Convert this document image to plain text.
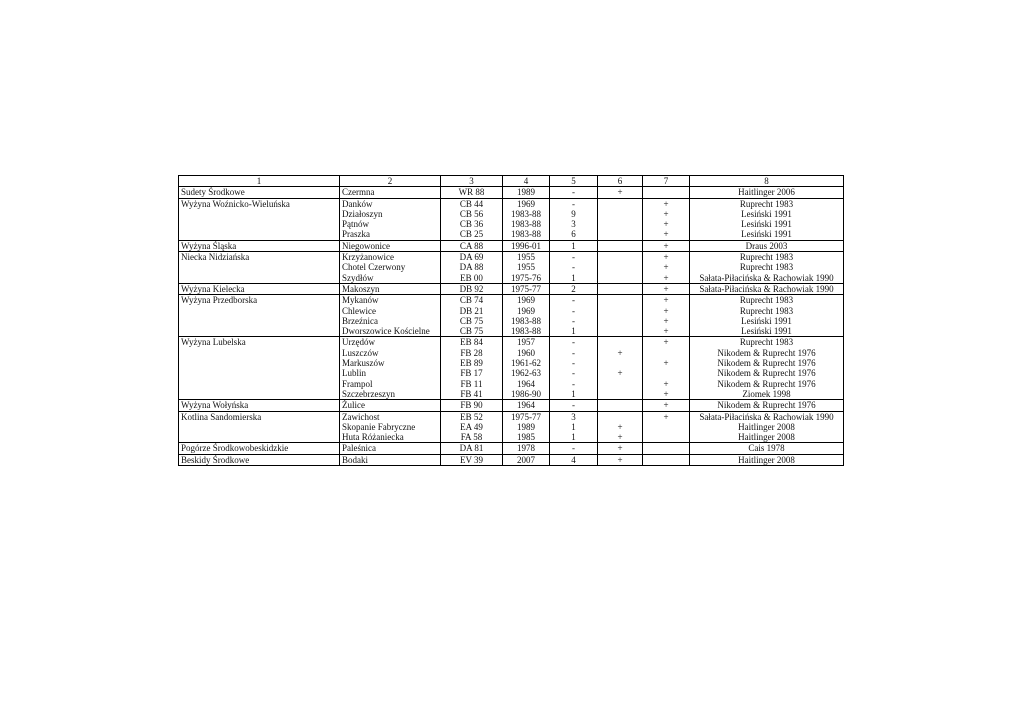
1	2	3	4	5	6	7	8
Sudety Środkowe	Czermna	WR 88	1989	-	+		Haitlinger 2006
Wyżyna Woźnicko-Wieluńska	Danków	CB 44	1969	-		+	Ruprecht 1983
	Działoszyn	CB 56	1983-88	9		+	Lesiński 1991
	Pątnów	CB 36	1983-88	3		+	Lesiński 1991
	Praszka	CB 25	1983-88	6		+	Lesiński 1991
Wyżyna Śląska	Niegowonice	CA 88	1996-01	1		+	Draus 2003
Niecka Nidziańska	Krzyżanowice	DA 69	1955	-		+	Ruprecht 1983
	Chotel Czerwony	DA 88	1955	-		+	Ruprecht 1983
	Szydłów	EB 00	1975-76	1		+	Sałata-Piłacińska & Rachowiak 1990
Wyżyna Kielecka	Makoszyn	DB 92	1975-77	2		+	Sałata-Piłacińska & Rachowiak 1990
Wyżyna Przedborska	Mykanów	CB 74	1969	-		+	Ruprecht 1983
	Chlewice	DB 21	1969	-		+	Ruprecht 1983
	Brzeźnica	CB 75	1983-88	-		+	Lesiński 1991
	Dworszowice Kościelne	CB 75	1983-88	1		+	Lesiński 1991
Wyżyna Lubelska	Urzędów	EB 84	1957	-		+	Ruprecht 1983
	Luszczów	FB 28	1960	-	+		Nikodem & Ruprecht 1976
	Markuszów	EB 89	1961-62	-		+	Nikodem & Ruprecht 1976
	Lublin	FB 17	1962-63	-	+		Nikodem & Ruprecht 1976
	Frampol	FB 11	1964	-		+	Nikodem & Ruprecht 1976
	Szczebrzeszyn	FB 41	1986-90	1		+	Ziomek 1998
Wyżyna Wołyńska	Żulice	FB 90	1964	-		+	Nikodem & Ruprecht 1976
Kotlina Sandomierska	Zawichost	EB 52	1975-77	3		+	Sałata-Piłacińska & Rachowiak 1990
	Skopanie Fabryczne	EA 49	1989	1	+		Haitlinger 2008
	Huta Różaniecka	FA 58	1985	1	+		Haitlinger 2008
Pogórze Środkowobeskidzkie	Paleśnica	DA 81	1978	-	+		Cais 1978
Beskidy Środkowe	Bodaki	EV 39	2007	4	+		Haitlinger 2008
